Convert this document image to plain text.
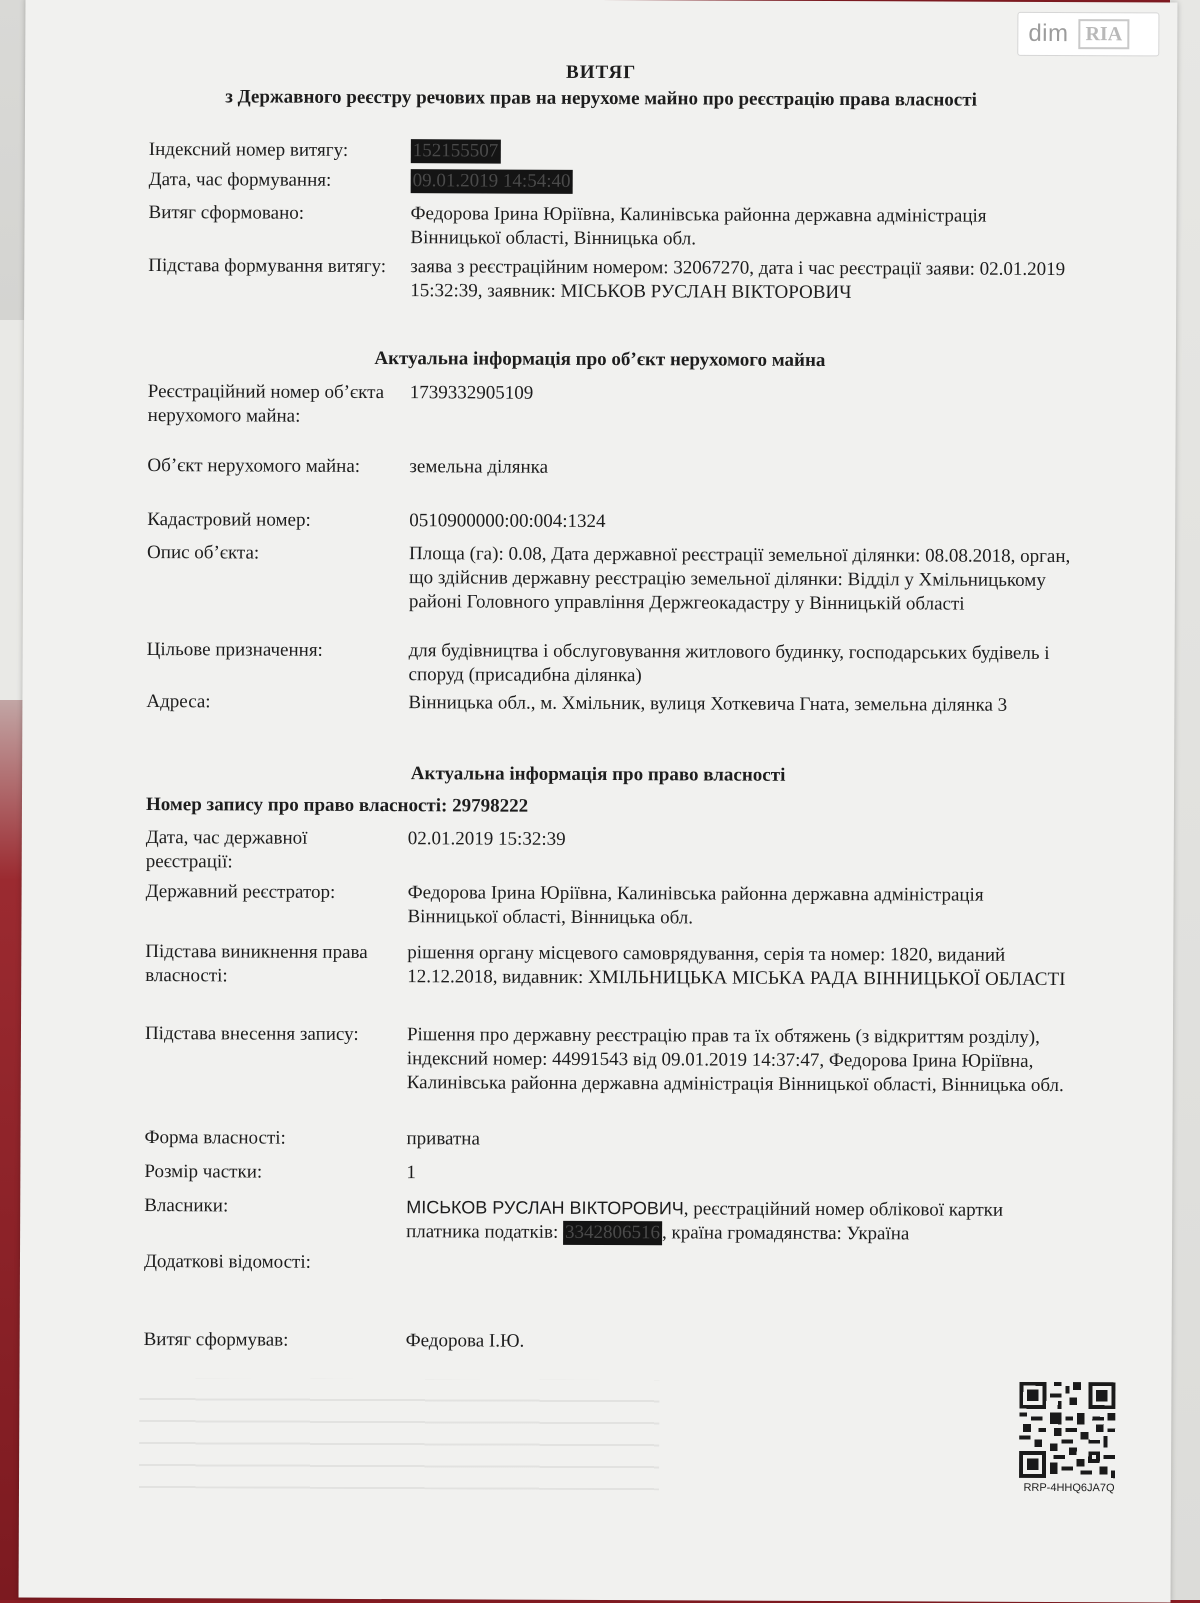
dim RIA
ВИТЯГ
з Державного реєстру речових прав на нерухоме майно про реєстрацію права власності
Індексний номер витягу:	152155507
Дата, час формування:	09.01.2019 14:54:40
Витяг сформовано:	Федорова Ірина Юріївна, Калинівська районна державна адміністрація Вінницької області, Вінницька обл.
Підстава формування витягу: заява з реєстраційним номером: 32067270, дата і час реєстрації заяви: 02.01.2019 15:32:39, заявник: МІСЬКОВ РУСЛАН ВІКТОРОВИЧ
Актуальна інформація про об’єкт нерухомого майна
Реєстраційний номер об’єкта нерухомого майна:
1739332905109
Об’єкт нерухомого майна:	земельна ділянка
Кадастровий номер:	0510900000:00:004:1324
Опис об’єкта:	Площа (га): 0.08, Дата державної реєстрації земельної ділянки: 08.08.2018, орган, що здійснив державну реєстрацію земельної ділянки: Відділ у Хмільницькому районі Головного управління Держгеокадастру у Вінницькій області
Цільове призначення:	для будівництва і обслуговування житлового будинку, господарських будівель і споруд (присадибна ділянка)
Адреса:	Вінницька обл., м. Хмільник, вулиця Хоткевича Гната, земельна ділянка 3
Актуальна інформація про право власності
Номер запису про право власності: 29798222
Дата, час державної реєстрації:
02.01.2019 15:32:39
Державний реєстратор:	Федорова Ірина Юріївна, Калинівська районна державна адміністрація Вінницької області, Вінницька обл.
Підстава виникнення права власності:
рішення органу місцевого самоврядування, серія та номер: 1820, виданий 12.12.2018, видавник: ХМІЛЬНИЦЬКА МІСЬКА РАДА ВІННИЦЬКОЇ ОБЛАСТІ
Підстава внесення запису:	Рішення про державну реєстрацію прав та їх обтяжень (з відкриттям розділу), індексний номер: 44991543 від 09.01.2019 14:37:47, Федорова Ірина Юріївна, Калинівська районна державна адміністрація Вінницької області, Вінницька обл.
Форма власності:	приватна
Розмір частки:	1
Власники:	МІСЬКОВ РУСЛАН ВІКТОРОВИЧ, реєстраційний номер облікової картки платника податків: 3342806516 , країна громадянства: Україна
Додаткові відомості:
Витяг сформував:	Федорова І.Ю.
RRP-4HHQ6JA7Q
